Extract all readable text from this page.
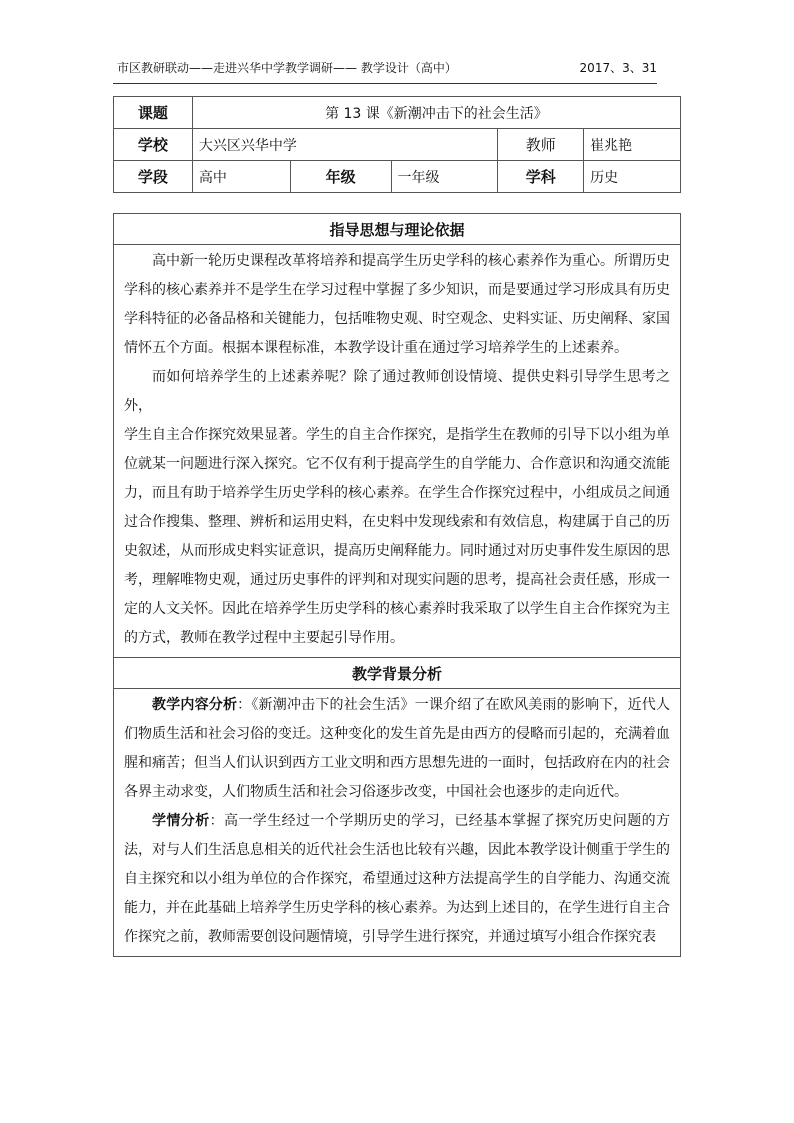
市区教研联动——走进兴华中学教学调研—— 教学设计（高中）	2017、3、31
课题	第 13 课《新潮冲击下的社会生活》				
学校	大兴区兴华中学			教师	崔兆艳
学段	高中	年级	一年级	学科	历史
指导思想与理论依据

高中新一轮历史课程改革将培养和提高学生历史学科的核心素养作为重心。所谓历史学科的核心素养并不是学生在学习过程中掌握了多少知识，而是要通过学习形成具有历史学科特征的必备品格和关键能力，包括唯物史观、时空观念、史料实证、历史阐释、家国情怀五个方面。根据本课程标准，本教学设计重在通过学习培养学生的上述素养。

而如何培养学生的上述素养呢？除了通过教师创设情境、提供史料引导学生思考之外，

学生自主合作探究效果显著。学生的自主合作探究，是指学生在教师的引导下以小组为单位就某一问题进行深入探究。它不仅有利于提高学生的自学能力、合作意识和沟通交流能力，而且有助于培养学生历史学科的核心素养。在学生合作探究过程中，小组成员之间通过合作搜集、整理、辨析和运用史料，在史料中发现线索和有效信息，构建属于自己的历史叙述，从而形成史料实证意识，提高历史阐释能力。同时通过对历史事件发生原因的思考，理解唯物史观，通过历史事件的评判和对现实问题的思考，提高社会责任感，形成一定的人文关怀。因此在培养学生历史学科的核心素养时我采取了以学生自主合作探究为主的方式，教师在教学过程中主要起引导作用。

教学背景分析

教学内容分析：《新潮冲击下的社会生活》一课介绍了在欧风美雨的影响下，近代人们物质生活和社会习俗的变迁。这种变化的发生首先是由西方的侵略而引起的，充满着血腥和痛苦；但当人们认识到西方工业文明和西方思想先进的一面时，包括政府在内的社会各界主动求变，人们物质生活和社会习俗逐步改变，中国社会也逐步的走向近代。

学情分析：高一学生经过一个学期历史的学习，已经基本掌握了探究历史问题的方法，对与人们生活息息相关的近代社会生活也比较有兴趣，因此本教学设计侧重于学生的自主探究和以小组为单位的合作探究，希望通过这种方法提高学生的自学能力、沟通交流能力，并在此基础上培养学生历史学科的核心素养。为达到上述目的，在学生进行自主合作探究之前，教师需要创设问题情境，引导学生进行探究，并通过填写小组合作探究表
